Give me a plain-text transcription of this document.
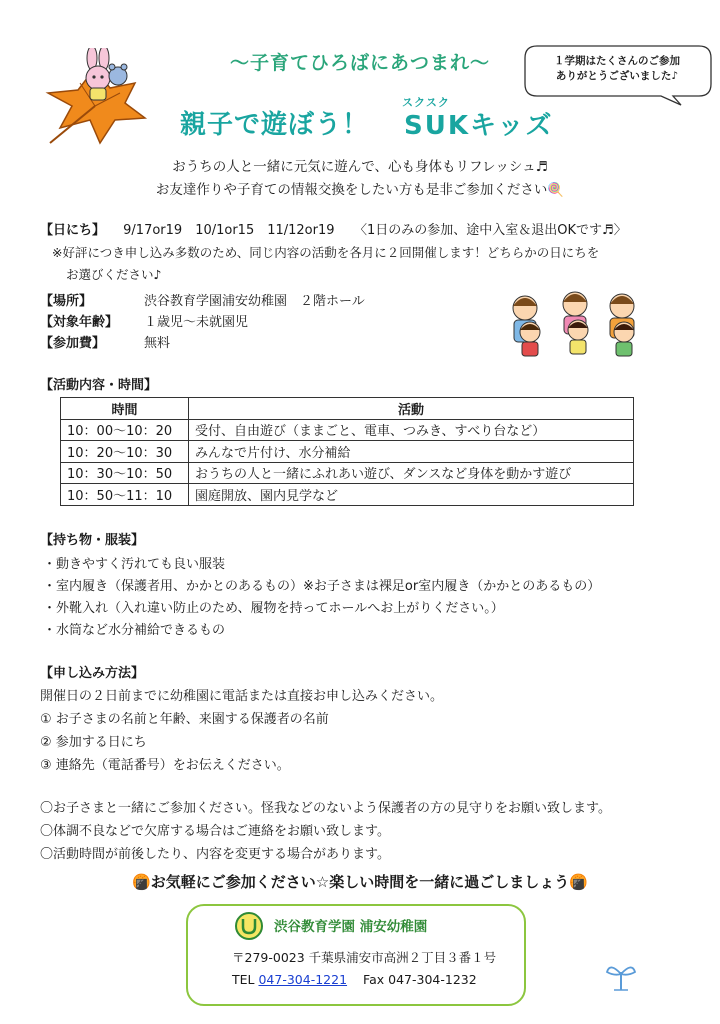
〜子育てひろばにあつまれ〜
親子で遊ぼう！
スクスク
SUKキッズ
１学期はたくさんのご参加
ありがとうございました♪
おうちの人と一緒に元気に遊んで、心も身体もリフレッシュ♬
お友達作りや子育ての情報交換をしたい方も是非ご参加ください🍭
【日にち】 9/17or19　10/1or15　11/12or19　　〈1日のみの参加、途中入室＆退出OKです♬〉
※好評につき申し込み多数のため、同じ内容の活動を各月に２回開催します！どちらかの日にちを
お選びください♪
【場所】	渋谷教育学園浦安幼稚園　２階ホール
【対象年齢】 １歳児〜未就園児
【参加費】	無料
【活動内容・時間】
時間	活動
10：00〜10：20	受付、自由遊び（ままごと、電車、つみき、すべり台など）
10：20〜10：30	みんなで片付け、水分補給
10：30〜10：50	おうちの人と一緒にふれあい遊び、ダンスなど身体を動かす遊び
10：50〜11：10	園庭開放、園内見学など
【持ち物・服装】
・動きやすく汚れても良い服装
・室内履き（保護者用、かかとのあるもの）※お子さまは裸足or室内履き（かかとのあるもの）
・外靴入れ（入れ違い防止のため、履物を持ってホールへお上がりください。）
・水筒など水分補給できるもの
【申し込み方法】
開催日の２日前までに幼稚園に電話または直接お申し込みください。
① お子さまの名前と年齢、来園する保護者の名前
② 参加する日にち
③ 連絡先（電話番号）をお伝えください。
〇お子さまと一緒にご参加ください。怪我などのないよう保護者の方の見守りをお願い致します。
〇体調不良などで欠席する場合はご連絡をお願い致します。
〇活動時間が前後したり、内容を変更する場合があります。
🍘お気軽にご参加ください☆楽しい時間を一緒に過ごしましょう🍘
渋谷教育学園 浦安幼稚園
〒279-0023 千葉県浦安市高洲２丁目３番１号
TEL 047-304-1221 Fax 047-304-1232
